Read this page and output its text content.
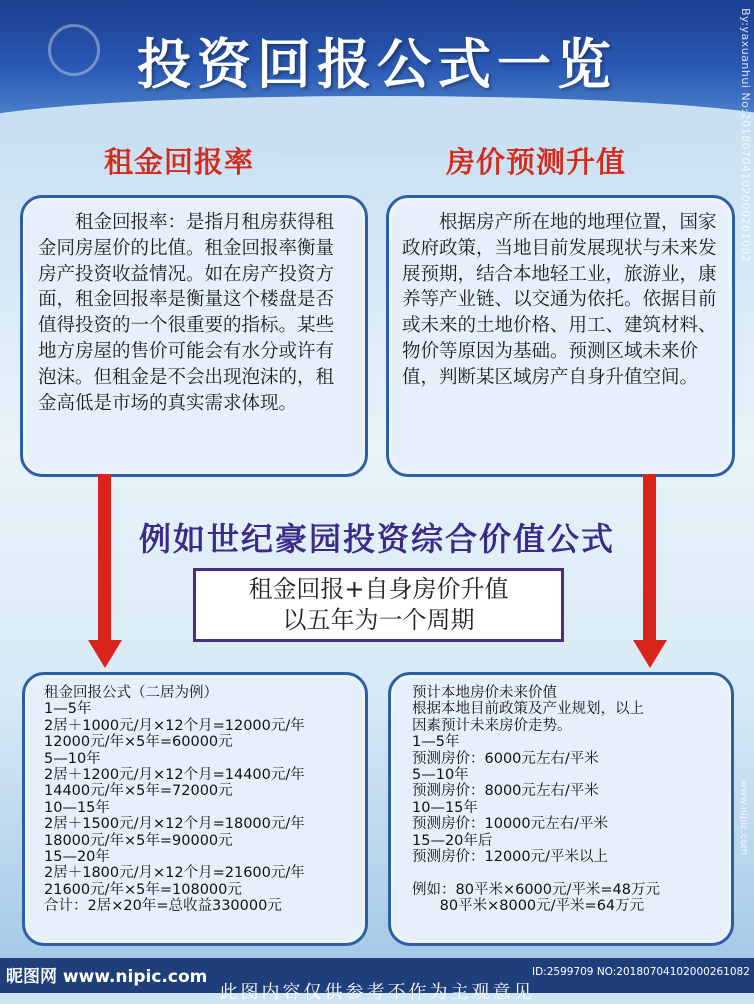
投资回报公式一览
租金回报率	房价预测升值
租金回报率：是指月租房获得租金同房屋价的比值。租金回报率衡量房产投资收益情况。如在房产投资方面，租金回报率是衡量这个楼盘是否值得投资的一个很重要的指标。某些地方房屋的售价可能会有水分或许有泡沫。但租金是不会出现泡沫的，租金高低是市场的真实需求体现。
根据房产所在地的地理位置，国家政府政策，当地目前发展现状与未来发展预期，结合本地轻工业，旅游业，康养等产业链、以交通为依托。依据目前或未来的土地价格、用工、建筑材料、物价等原因为基础。预测区域未来价值，判断某区域房产自身升值空间。
例如世纪豪园投资综合价值公式
租金回报+自身房价升值
以五年为一个周期
租金回报公式（二居为例）
1—5年
2居＋1000元/月×12个月=12000元/年
12000元/年×5年=60000元
5—10年
2居＋1200元/月×12个月=14400元/年
14400元/年×5年=72000元
10—15年
2居＋1500元/月×12个月=18000元/年
18000元/年×5年=90000元
15—20年
2居＋1800元/月×12个月=21600元/年
21600元/年×5年=108000元
合计：2居×20年=总收益330000元
预计本地房价未来价值
根据本地目前政策及产业规划，以上
因素预计未来房价走势。
1—5年
预测房价：6000元左右/平米
5—10年
预测房价：8000元左右/平米
10—15年
预测房价：10000元左右/平米
15—20年后
预测房价：12000元/平米以上

例如：80平米×6000元/平米=48万元
80平米×8000元/平米=64万元
昵图网 www.nipic.com	ID:2599709 NO:20180704102000261082
此图内容仅供参考不作为主观意见
By:yaxuanhui No:20180704102000261082
www.nipic.com
